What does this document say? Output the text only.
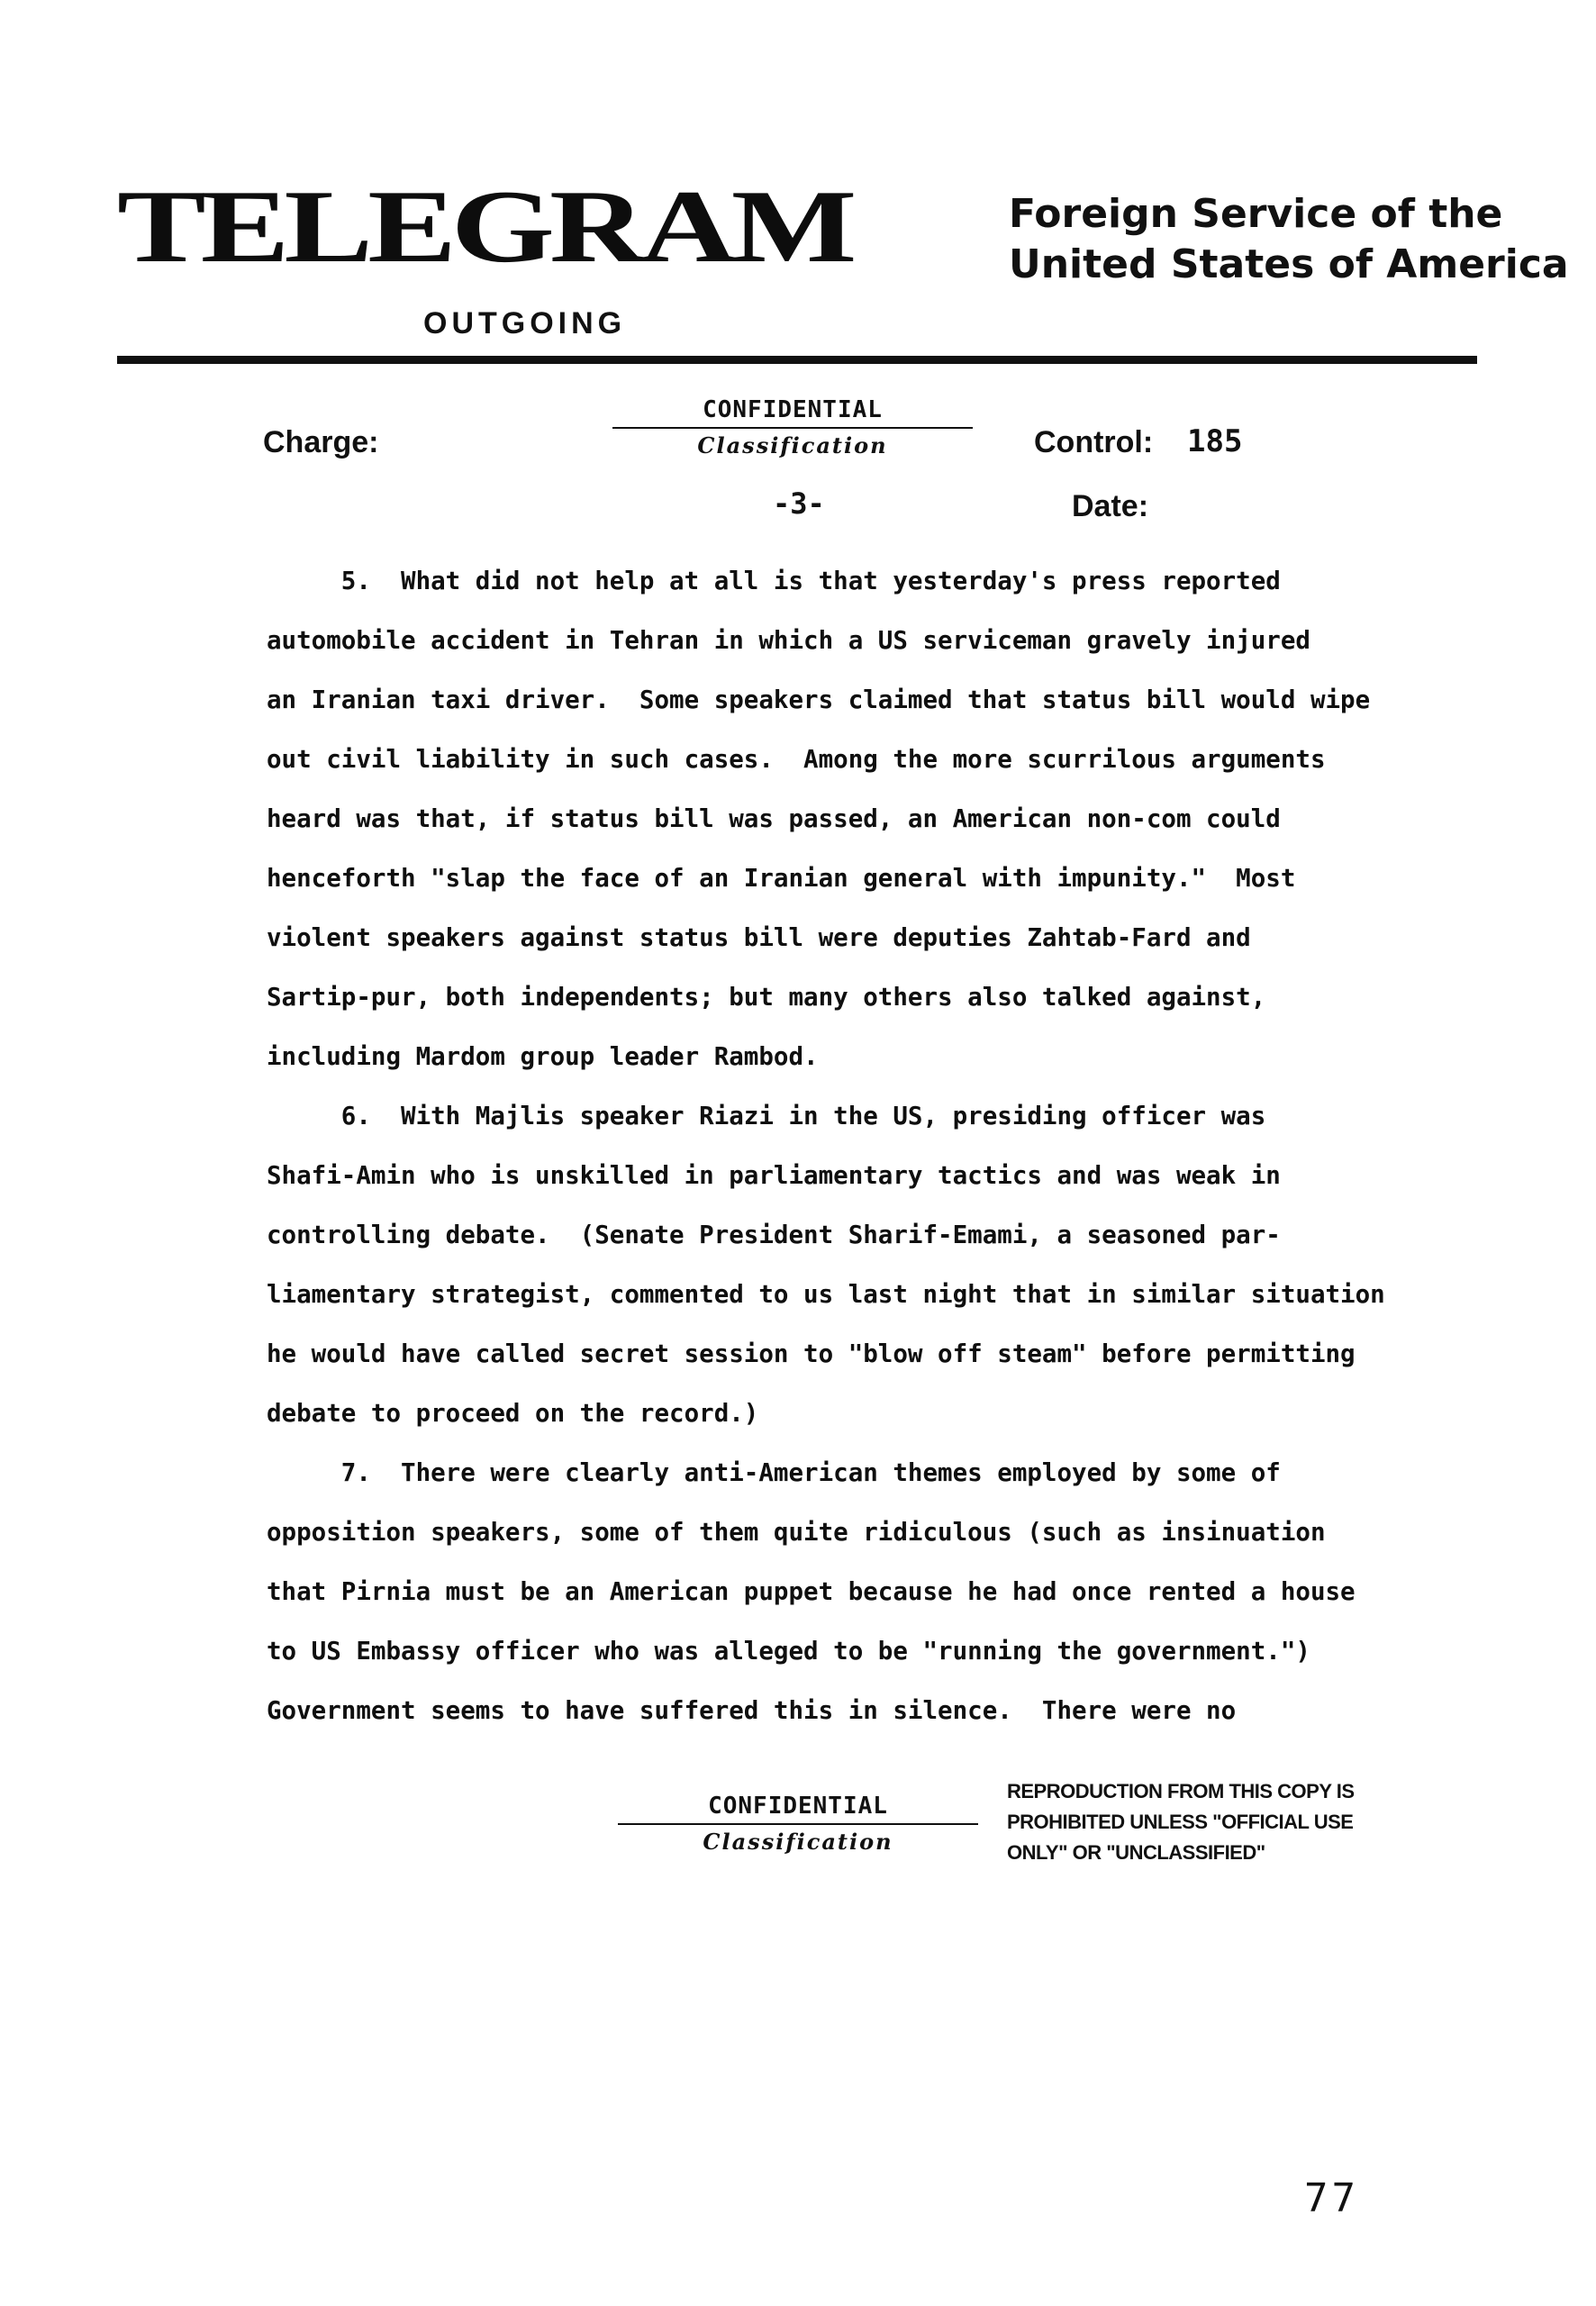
TELEGRAM
OUTGOING
Foreign Service of the
United States of America
Charge:
CONFIDENTIAL
Classification	Control: 185
-3-	Date:
5.  What did not help at all is that yesterday's press reported
automobile accident in Tehran in which a US serviceman gravely injured
an Iranian taxi driver.  Some speakers claimed that status bill would wipe
out civil liability in such cases.  Among the more scurrilous arguments
heard was that, if status bill was passed, an American non-com could
henceforth "slap the face of an Iranian general with impunity."  Most
violent speakers against status bill were deputies Zahtab-Fard and
Sartip-pur, both independents; but many others also talked against,
including Mardom group leader Rambod.
6.  With Majlis speaker Riazi in the US, presiding officer was
Shafi-Amin who is unskilled in parliamentary tactics and was weak in
controlling debate.  (Senate President Sharif-Emami, a seasoned par-
liamentary strategist, commented to us last night that in similar situation
he would have called secret session to "blow off steam" before permitting
debate to proceed on the record.)
7.  There were clearly anti-American themes employed by some of
opposition speakers, some of them quite ridiculous (such as insinuation
that Pirnia must be an American puppet because he had once rented a house
to US Embassy officer who was alleged to be "running the government.")
Government seems to have suffered this in silence.  There were no
CONFIDENTIAL
Classification
REPRODUCTION FROM THIS COPY IS
PROHIBITED UNLESS "OFFICIAL USE
ONLY" OR "UNCLASSIFIED"
77
